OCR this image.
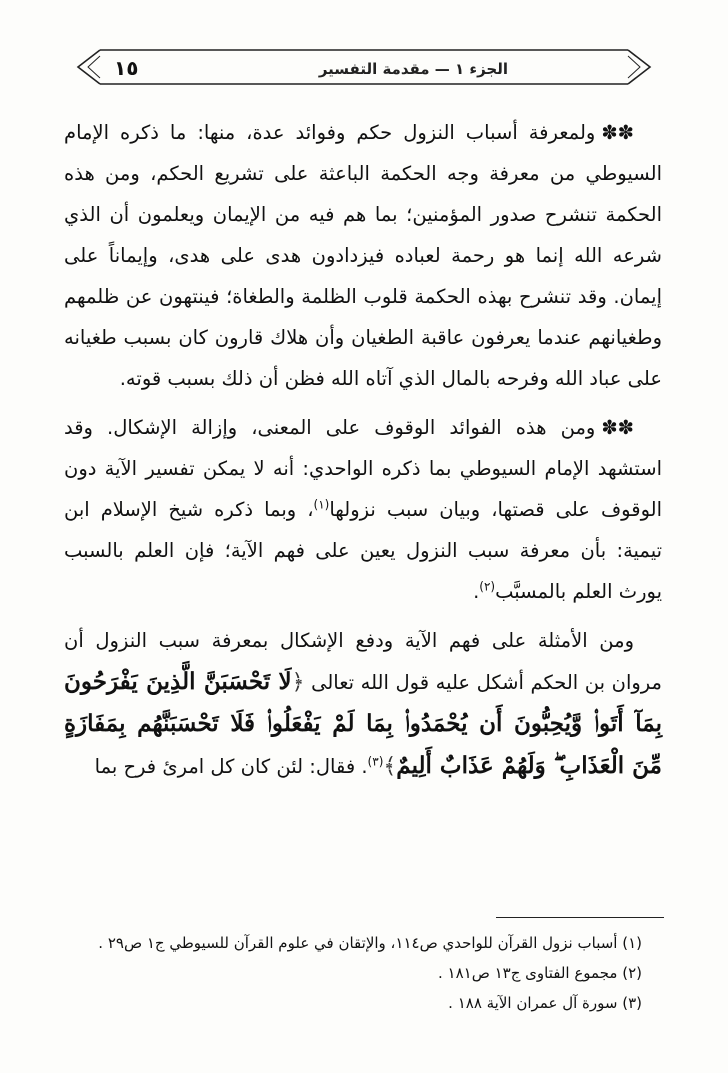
١٥	الجزء ١ — مقدمة التفسير

✽✽ولمعرفة أسباب النزول حكم وفوائد عدة، منها: ما ذكره الإمام السيوطي من معرفة وجه الحكمة الباعثة على تشريع الحكم، ومن هذه الحكمة تنشرح صدور المؤمنين؛ بما هم فيه من الإيمان ويعلمون أن الذي شرعه الله إنما هو رحمة لعباده فيزدادون هدى على هدى، وإيماناً على إيمان. وقد تنشرح بهذه الحكمة قلوب الظلمة والطغاة؛ فينتهون عن ظلمهم وطغيانهم عندما يعرفون عاقبة الطغيان وأن هلاك قارون كان بسبب طغيانه على عباد الله وفرحه بالمال الذي آتاه الله فظن أن ذلك بسبب قوته.

✽✽ومن هذه الفوائد الوقوف على المعنى، وإزالة الإشكال. وقد استشهد الإمام السيوطي بما ذكره الواحدي: أنه لا يمكن تفسير الآية دون الوقوف على قصتها، وبيان سبب نزولها$^{(١)}$، وبما ذكره شيخ الإسلام ابن تيمية: بأن معرفة سبب النزول يعين على فهم الآية؛ فإن العلم بالسبب يورث العلم بالمسبَّب$^{(٢)}$.

ومن الأمثلة على فهم الآية ودفع الإشكال بمعرفة سبب النزول أن مروان بن الحكم أشكل عليه قول الله تعالى ﴿لَا تَحْسَبَنَّ الَّذِينَ يَفْرَحُونَ بِمَآ أَتَوا۟ وَّيُحِبُّونَ أَن يُحْمَدُوا۟ بِمَا لَمْ يَفْعَلُوا۟ فَلَا تَحْسَبَنَّهُم بِمَفَازَةٍ مِّنَ الْعَذَابِ ۖ وَلَهُمْ عَذَابٌ أَلِيمٌ﴾$^{(٣)}$. فقال: لئن كان كل امرئ فرح بما

(١) أسباب نزول القرآن للواحدي ص١١٤، والإتقان في علوم القرآن للسيوطي ج١ ص٢٩ .
(٢) مجموع الفتاوى ج١٣ ص١٨١ .
(٣) سورة آل عمران الآية ١٨٨ .
